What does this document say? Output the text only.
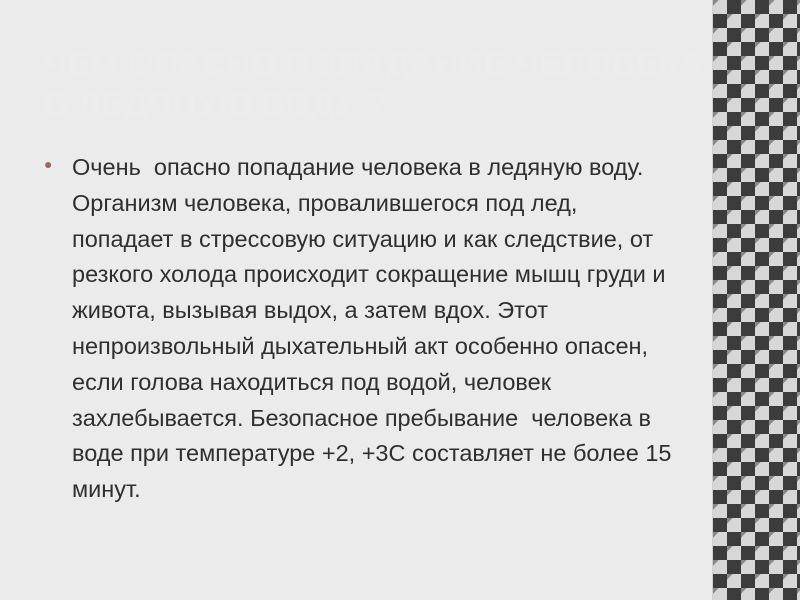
ЧЕМ ОПАСНО ПОПАДАНИЕ ЧЕЛОВЕКА В ЛЕДЯНУЮ ВОДУ ?
● Очень  опасно попадание человека в ледяную воду. Организм человека, провалившегося под лед, попадает в стрессовую ситуацию и как следствие, от резкого холода происходит сокращение мышц груди и живота, вызывая выдох, а затем вдох. Этот непроизвольный дыхательный акт особенно опасен, если голова находиться под водой, человек захлебывается. Безопасное пребывание  человека в воде при температуре +2, +3С составляет не более 15 минут.
